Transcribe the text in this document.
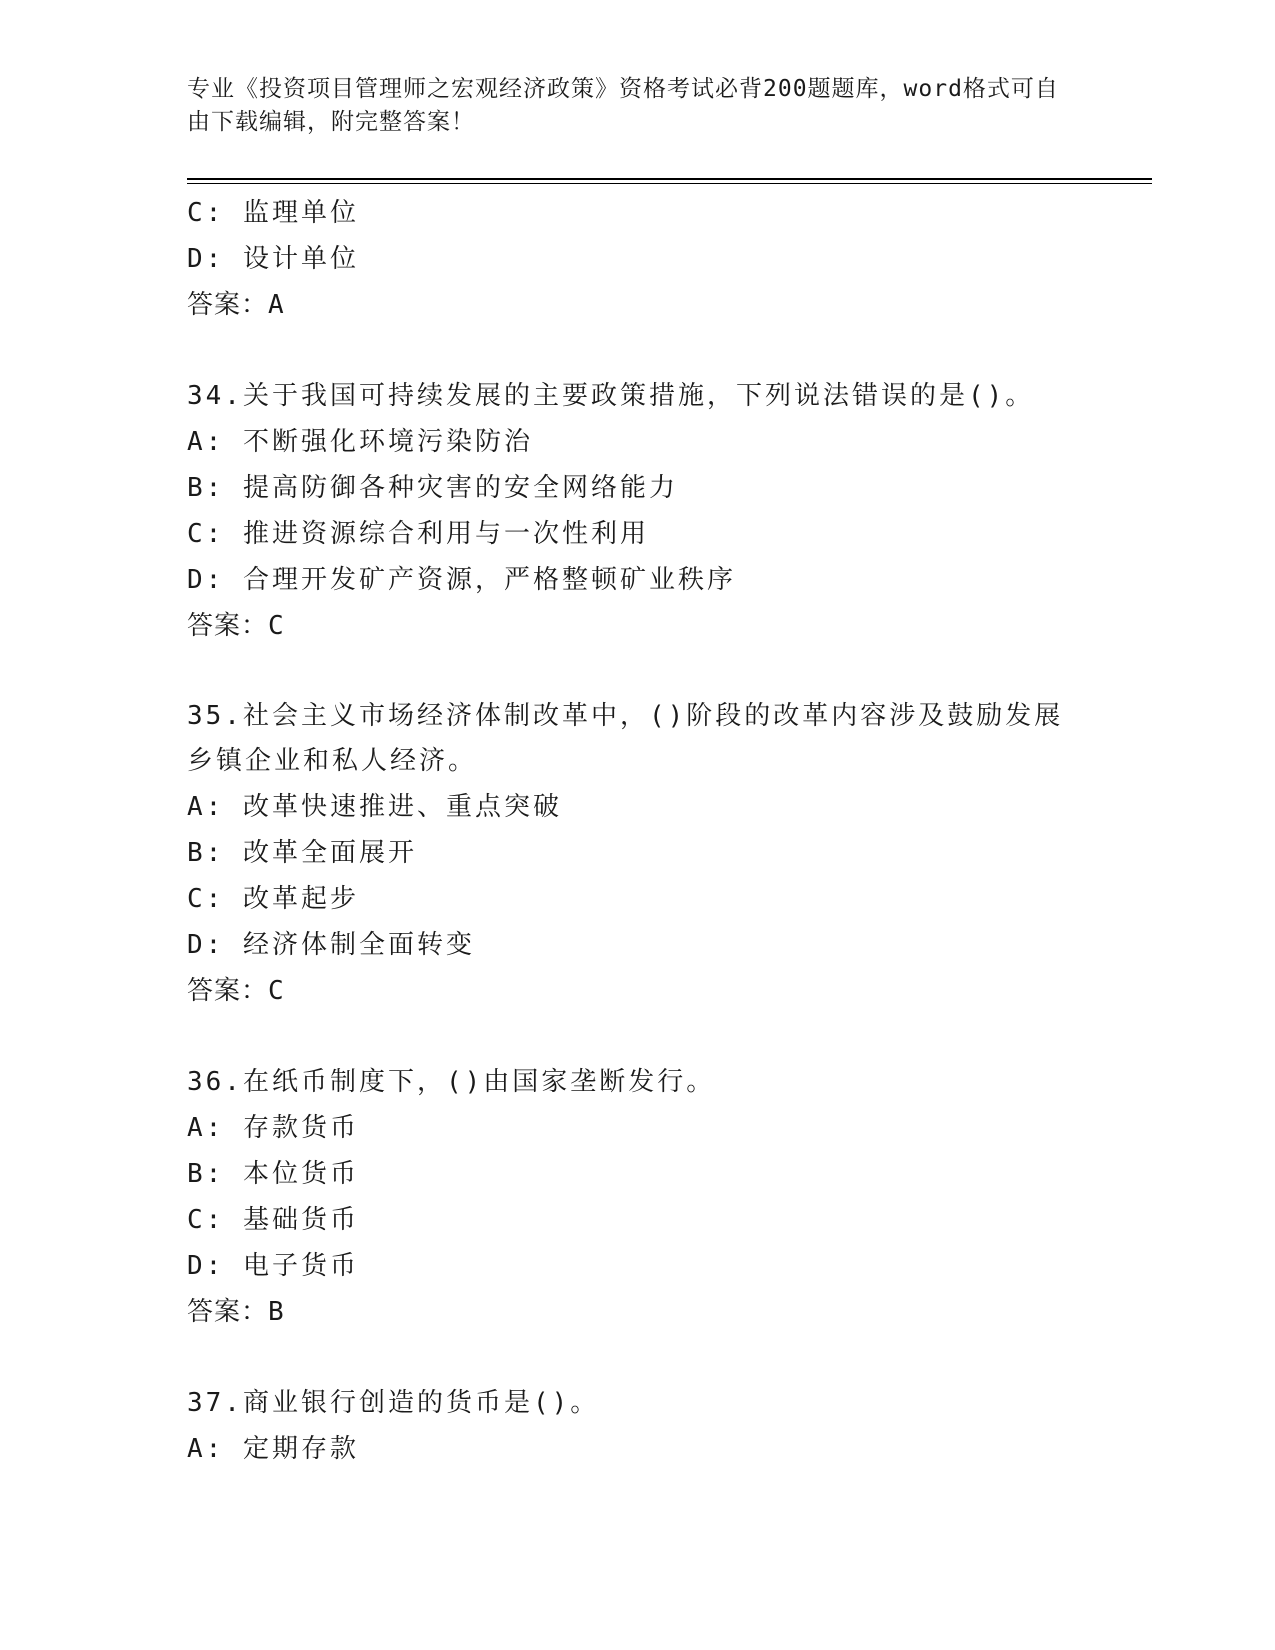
专业《投资项目管理师之宏观经济政策》资格考试必背200题题库，word格式可自由下载编辑，附完整答案！
C: 监理单位
D: 设计单位
答案：A
34.关于我国可持续发展的主要政策措施，下列说法错误的是()。
A: 不断强化环境污染防治
B: 提高防御各种灾害的安全网络能力
C: 推进资源综合利用与一次性利用
D: 合理开发矿产资源，严格整顿矿业秩序
答案：C
35.社会主义市场经济体制改革中，()阶段的改革内容涉及鼓励发展乡镇企业和私人经济。
A: 改革快速推进、重点突破
B: 改革全面展开
C: 改革起步
D: 经济体制全面转变
答案：C
36.在纸币制度下，()由国家垄断发行。
A: 存款货币
B: 本位货币
C: 基础货币
D: 电子货币
答案：B
37.商业银行创造的货币是()。
A: 定期存款
